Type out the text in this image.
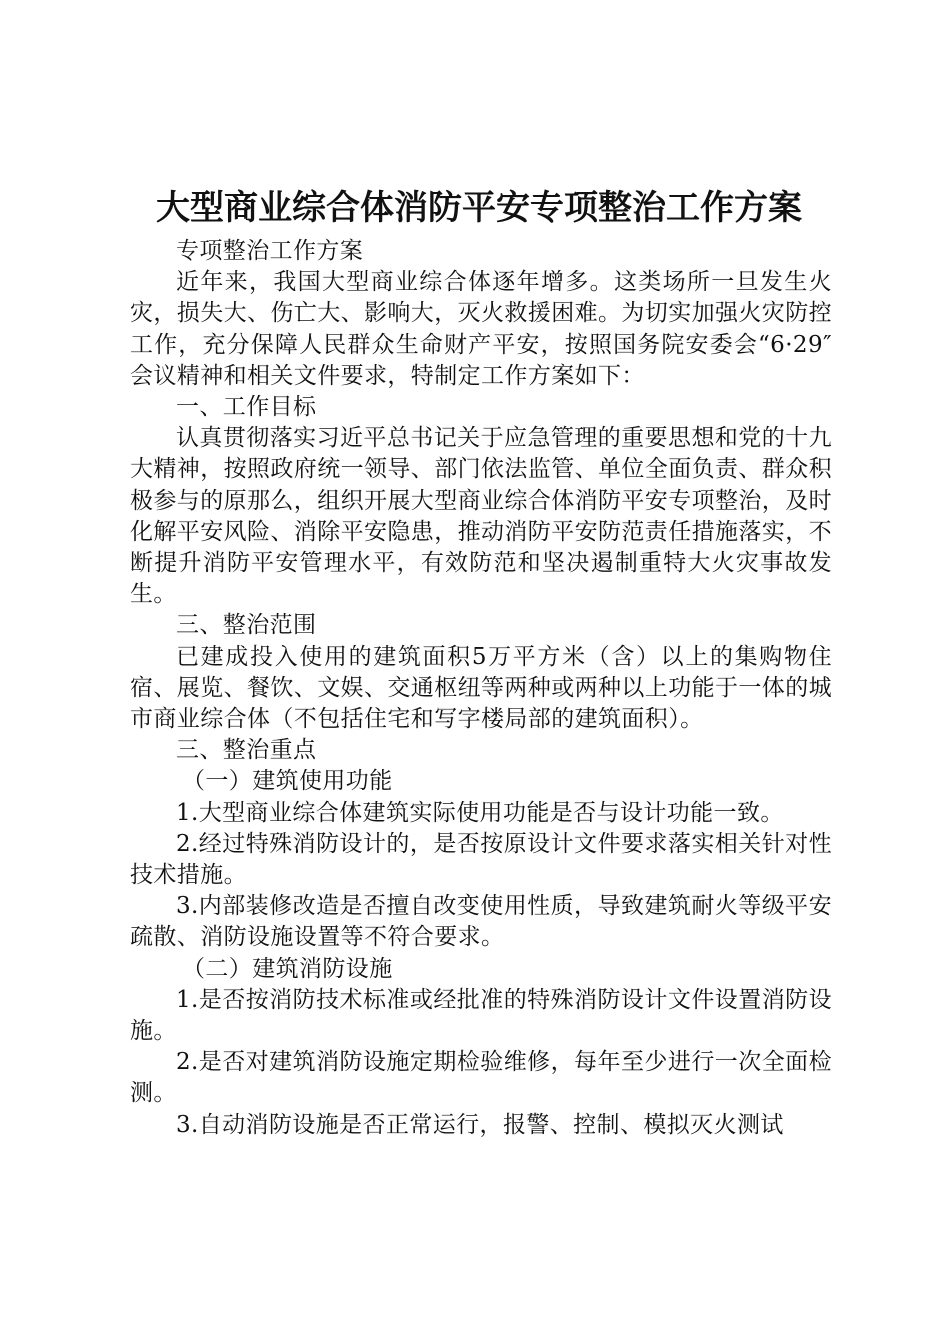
大型商业综合体消防平安专项整治工作方案

专项整治工作方案

近年来，我国大型商业综合体逐年增多。这类场所一旦发生火灾，损失大、伤亡大、影响大，灭火救援困难。为切实加强火灾防控工作，充分保障人民群众生命财产平安，按照国务院安委会“6·29″会议精神和相关文件要求，特制定工作方案如下：

一、工作目标

认真贯彻落实习近平总书记关于应急管理的重要思想和党的十九大精神，按照政府统一领导、部门依法监管、单位全面负责、群众积极参与的原那么，组织开展大型商业综合体消防平安专项整治，及时化解平安风险、消除平安隐患，推动消防平安防范责任措施落实，不断提升消防平安管理水平，有效防范和坚决遏制重特大火灾事故发生。

三、整治范围

已建成投入使用的建筑面积5万平方米（含）以上的集购物住宿、展览、餐饮、文娱、交通枢纽等两种或两种以上功能于一体的城市商业综合体（不包括住宅和写字楼局部的建筑面积）。

三、整治重点

（一）建筑使用功能

1.大型商业综合体建筑实际使用功能是否与设计功能一致。

2.经过特殊消防设计的，是否按原设计文件要求落实相关针对性技术措施。

3.内部装修改造是否擅自改变使用性质，导致建筑耐火等级平安疏散、消防设施设置等不符合要求。

（二）建筑消防设施

1.是否按消防技术标准或经批准的特殊消防设计文件设置消防设施。

2.是否对建筑消防设施定期检验维修，每年至少进行一次全面检测。

3.自动消防设施是否正常运行，报警、控制、模拟灭火测试
